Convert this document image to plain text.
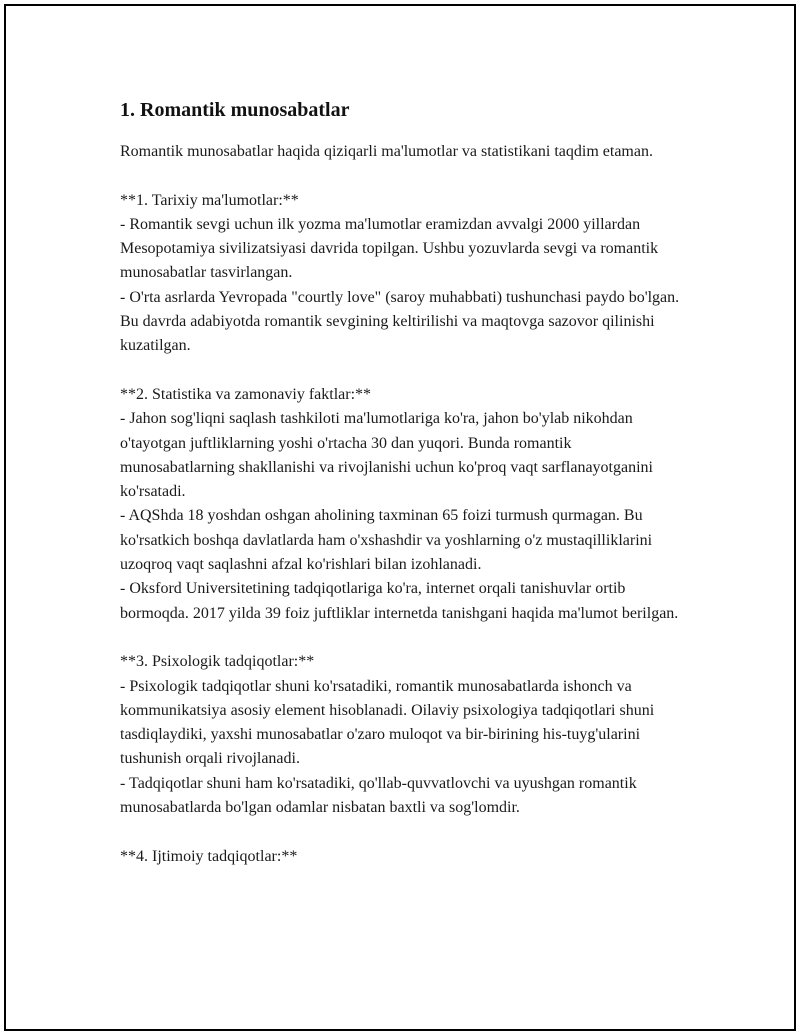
1. Romantik munosabatlar

Romantik munosabatlar haqida qiziqarli ma'lumotlar va statistikani taqdim etaman.

**1. Tarixiy ma'lumotlar:**

- Romantik sevgi uchun ilk yozma ma'lumotlar eramizdan avvalgi 2000 yillardan Mesopotamiya sivilizatsiyasi davrida topilgan. Ushbu yozuvlarda sevgi va romantik munosabatlar tasvirlangan.

- O'rta asrlarda Yevropada "courtly love" (saroy muhabbati) tushunchasi paydo bo'lgan. Bu davrda adabiyotda romantik sevgining keltirilishi va maqtovga sazovor qilinishi kuzatilgan.

**2. Statistika va zamonaviy faktlar:**

- Jahon sog'liqni saqlash tashkiloti ma'lumotlariga ko'ra, jahon bo'ylab nikohdan o'tayotgan juftliklarning yoshi o'rtacha 30 dan yuqori. Bunda romantik munosabatlarning shakllanishi va rivojlanishi uchun ko'proq vaqt sarflanayotganini ko'rsatadi.

- AQShda 18 yoshdan oshgan aholining taxminan 65 foizi turmush qurmagan. Bu ko'rsatkich boshqa davlatlarda ham o'xshashdir va yoshlarning o'z mustaqilliklarini uzoqroq vaqt saqlashni afzal ko'rishlari bilan izohlanadi.

- Oksford Universitetining tadqiqotlariga ko'ra, internet orqali tanishuvlar ortib bormoqda. 2017 yilda 39 foiz juftliklar internetda tanishgani haqida ma'lumot berilgan.

**3. Psixologik tadqiqotlar:**

- Psixologik tadqiqotlar shuni ko'rsatadiki, romantik munosabatlarda ishonch va kommunikatsiya asosiy element hisoblanadi. Oilaviy psixologiya tadqiqotlari shuni tasdiqlaydiki, yaxshi munosabatlar o'zaro muloqot va bir-birining his-tuyg'ularini tushunish orqali rivojlanadi.

- Tadqiqotlar shuni ham ko'rsatadiki, qo'llab-quvvatlovchi va uyushgan romantik munosabatlarda bo'lgan odamlar nisbatan baxtli va sog'lomdir.

**4. Ijtimoiy tadqiqotlar:**
